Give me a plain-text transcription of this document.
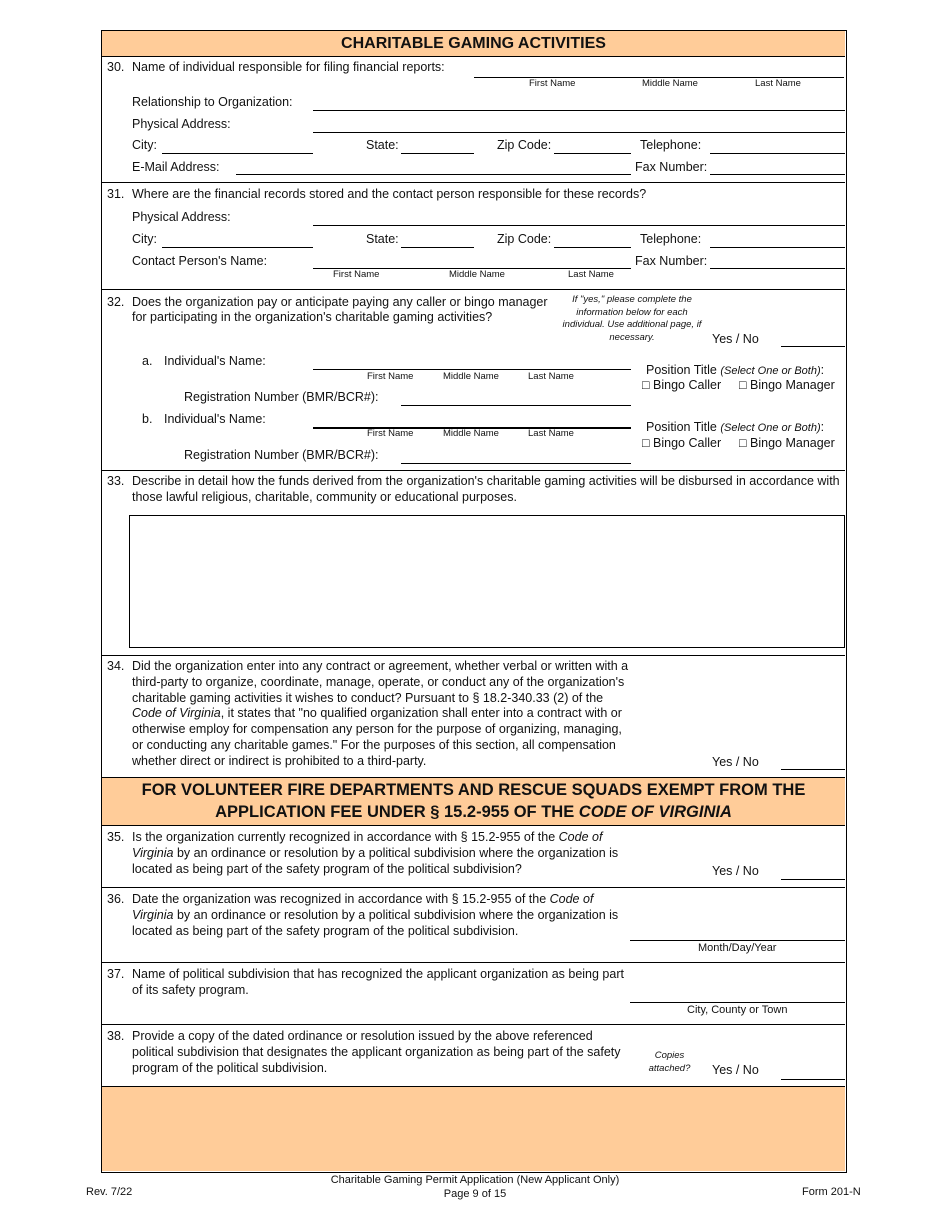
CHARITABLE GAMING ACTIVITIES
30. Name of individual responsible for filing financial reports:
First Name	Middle Name	Last Name
Relationship to Organization:
Physical Address:
City:	State:	Zip Code:	Telephone:
E-Mail Address:	Fax Number:
31. Where are the financial records stored and the contact person responsible for these records?
Physical Address:
City:	State:	Zip Code:	Telephone:
Contact Person's Name:
First Name	Middle Name	Last Name
Fax Number:
32. Does the organization pay or anticipate paying any caller or bingo manager
for participating in the organization's charitable gaming activities?
If "yes," please complete the information below for each individual. Use additional page, if necessary.	Yes / No
a. Individual's Name:
First Name	Middle Name	Last Name	Position Title (Select One or Both):
□ Bingo Caller □ Bingo Manager
Registration Number (BMR/BCR#):
b. Individual's Name:
First Name	Middle Name	Last Name	Position Title (Select One or Both):
□ Bingo Caller □ Bingo Manager
Registration Number (BMR/BCR#):
33. Describe in detail how the funds derived from the organization's charitable gaming activities will be disbursed in accordance with
those lawful religious, charitable, community or educational purposes.
34. Did the organization enter into any contract or agreement, whether verbal or written with a
third-party to organize, coordinate, manage, operate, or conduct any of the organization's
charitable gaming activities it wishes to conduct? Pursuant to § 18.2-340.33 (2) of the
Code of Virginia, it states that "no qualified organization shall enter into a contract with or
otherwise employ for compensation any person for the purpose of organizing, managing,
or conducting any charitable games." For the purposes of this section, all compensation
whether direct or indirect is prohibited to a third-party.	Yes / No
FOR VOLUNTEER FIRE DEPARTMENTS AND RESCUE SQUADS EXEMPT FROM THE
APPLICATION FEE UNDER § 15.2-955 OF THE CODE OF VIRGINIA
35. Is the organization currently recognized in accordance with § 15.2-955 of the Code of
Virginia by an ordinance or resolution by a political subdivision where the organization is
located as being part of the safety program of the political subdivision?	Yes / No
36. Date the organization was recognized in accordance with § 15.2-955 of the Code of
Virginia by an ordinance or resolution by a political subdivision where the organization is
located as being part of the safety program of the political subdivision.
Month/Day/Year
37. Name of political subdivision that has recognized the applicant organization as being part
of its safety program.
City, County or Town
38. Provide a copy of the dated ordinance or resolution issued by the above referenced
political subdivision that designates the applicant organization as being part of the safety
program of the political subdivision.
Copies attached?	Yes / No
Rev. 7/22
Charitable Gaming Permit Application (New Applicant Only)
Page 9 of 15	Form 201-N
